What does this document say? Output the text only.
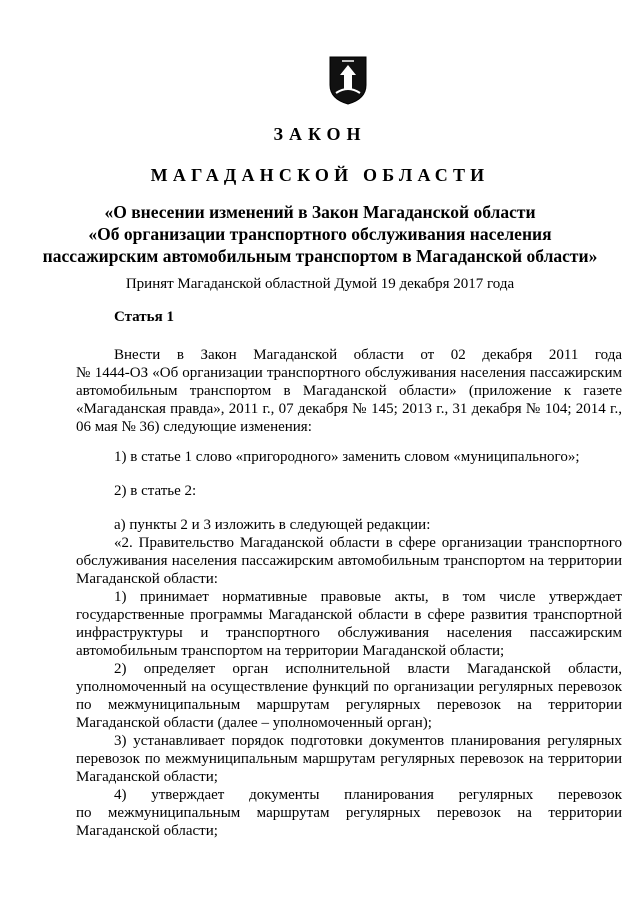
ЗАКОН
МАГАДАНСКОЙ ОБЛАСТИ
«О внесении изменений в Закон Магаданской области
«Об организации транспортного обслуживания населения
пассажирским автомобильным транспортом в Магаданской области»
Принят Магаданской областной Думой 19 декабря 2017 года
Статья 1
Внести в Закон Магаданской области от 02 декабря 2011 года
№ 1444-ОЗ «Об организации транспортного обслуживания населения пассажирским
автомобильным транспортом в Магаданской области» (приложение к газете
«Магаданская правда», 2011 г., 07 декабря № 145; 2013 г., 31 декабря № 104; 2014 г.,
06 мая № 36) следующие изменения:
1) в статье 1 слово «пригородного» заменить словом «муниципального»;
2) в статье 2:
а) пункты 2 и 3 изложить в следующей редакции:
«2. Правительство Магаданской области в сфере организации транспортного
обслуживания населения пассажирским автомобильным транспортом на территории
Магаданской области:
1) принимает нормативные правовые акты, в том числе утверждает
государственные программы Магаданской области в сфере развития транспортной
инфраструктуры и транспортного обслуживания населения пассажирским
автомобильным транспортом на территории Магаданской области;
2) определяет орган исполнительной власти Магаданской области,
уполномоченный на осуществление функций по организации регулярных перевозок
по межмуниципальным маршрутам регулярных перевозок на территории
Магаданской области (далее – уполномоченный орган);
3) устанавливает порядок подготовки документов планирования регулярных
перевозок по межмуниципальным маршрутам регулярных перевозок на территории
Магаданской области;
4) утверждает документы планирования регулярных перевозок
по межмуниципальным маршрутам регулярных перевозок на территории
Магаданской области;
